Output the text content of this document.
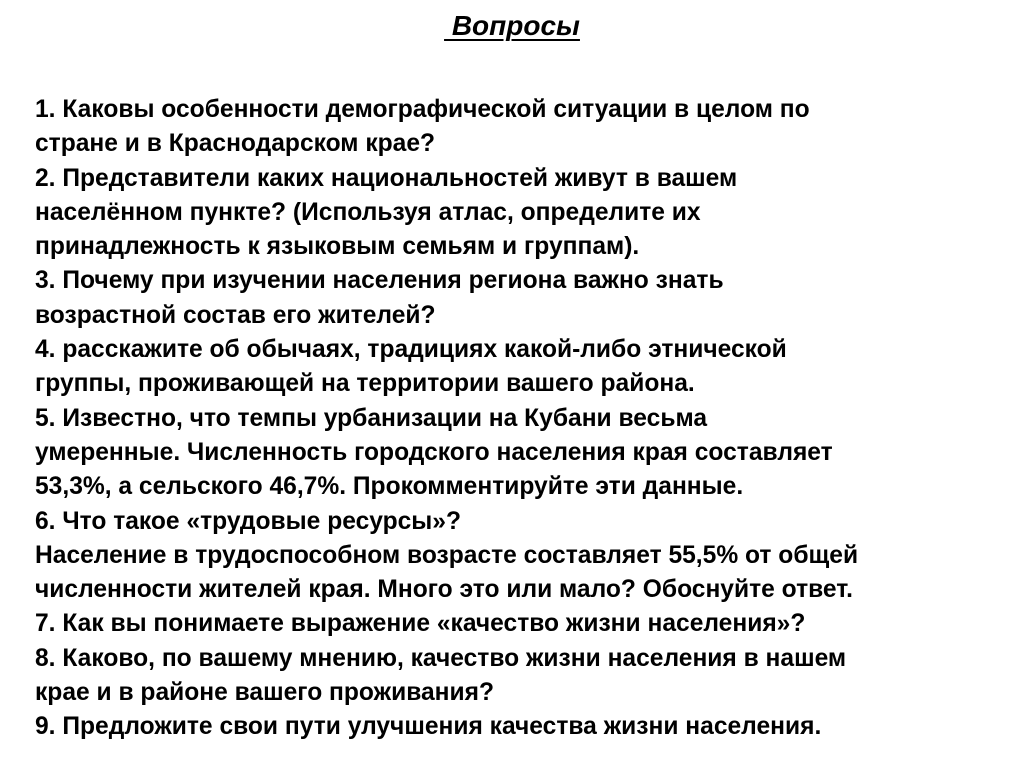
Вопросы
1. Каковы особенности демографической ситуации в целом по
стране и в Краснодарском крае?
2. Представители каких национальностей живут в вашем
населённом пункте? (Используя атлас, определите их
принадлежность к языковым семьям и группам).
3. Почему при изучении населения региона важно знать
возрастной состав его жителей?
4. расскажите об обычаях, традициях какой-либо этнической
группы, проживающей на территории вашего района.
5. Известно, что темпы урбанизации на Кубани весьма
умеренные. Численность городского населения края составляет
53,3%, а сельского 46,7%. Прокомментируйте эти данные.
6. Что такое «трудовые ресурсы»?
Население в трудоспособном возрасте составляет 55,5% от общей
численности жителей края. Много это или мало? Обоснуйте ответ.
7. Как вы понимаете выражение «качество жизни населения»?
8. Каково, по вашему мнению, качество жизни населения в нашем
крае и в районе вашего проживания?
9. Предложите свои пути улучшения качества жизни населения.
